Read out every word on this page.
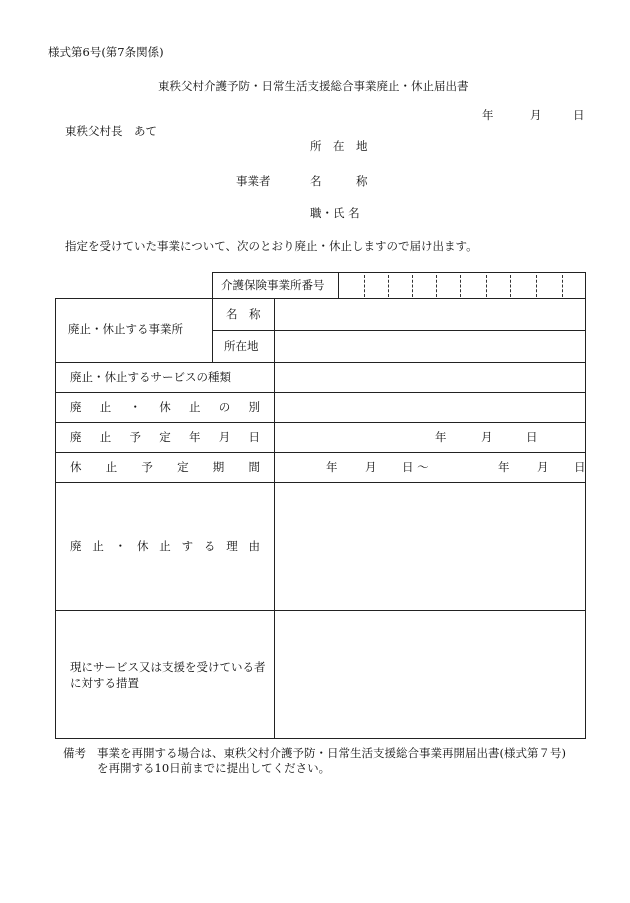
様式第6号(第7条関係)
東秩父村介護予防・日常生活支援総合事業廃止・休止届出書
年	月	日
東秩父村長　あて
所　在　地
事業者	名　　　称
職・氏 名
指定を受けていた事業について、次のとおり廃止・休止しますので届け出ます。
介護保険事業所番号
廃止・休止する事業所
名　称
所在地
廃止・休止するサービスの種類
廃 止 ・ 休 止 の 別
廃 止 予 定 年 月 日	年	月	日
休 止 予 定 期 間	年 月 日 〜	年 月 日
廃 止 ・ 休 止 す る 理 由
現にサービス又は支援を受けている者に対する措置
備考 事業を再開する場合は、東秩父村介護予防・日常生活支援総合事業再開届出書(様式第７号)
を再開する10日前までに提出してください。
